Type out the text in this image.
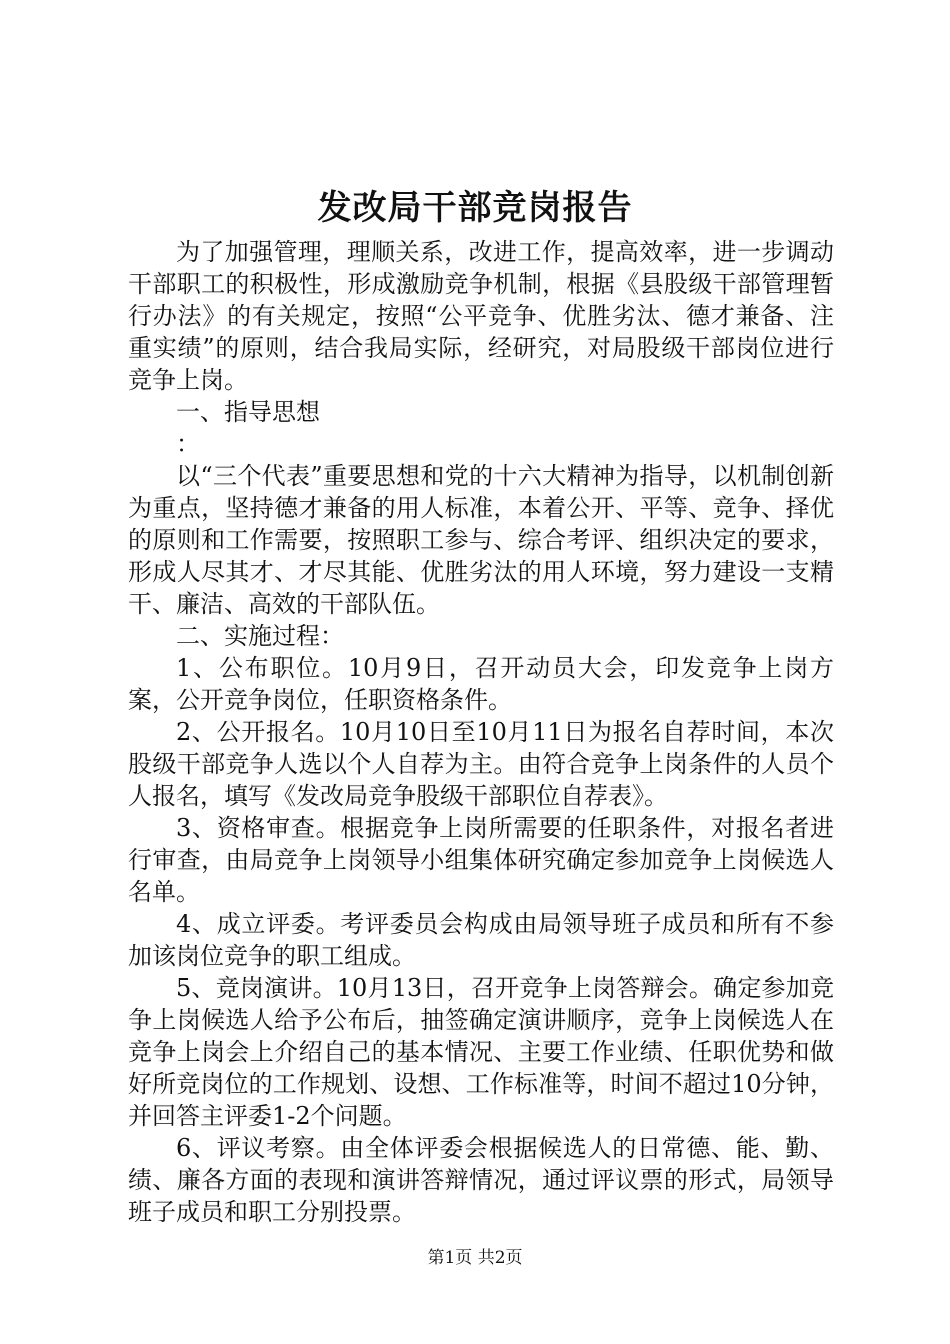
发改局干部竞岗报告

为了加强管理，理顺关系，改进工作，提高效率，进一步调动干部职工的积极性，形成激励竞争机制，根据《县股级干部管理暂行办法》的有关规定，按照“公平竞争、优胜劣汰、德才兼备、注重实绩”的原则，结合我局实际，经研究，对局股级干部岗位进行竞争上岗。

一、指导思想

：

以“三个代表”重要思想和党的十六大精神为指导，以机制创新为重点，坚持德才兼备的用人标准，本着公开、平等、竞争、择优的原则和工作需要，按照职工参与、综合考评、组织决定的要求，形成人尽其才、才尽其能、优胜劣汰的用人环境，努力建设一支精干、廉洁、高效的干部队伍。

二、实施过程：

1、公布职位。10月9日，召开动员大会，印发竞争上岗方案，公开竞争岗位，任职资格条件。

2、公开报名。10月10日至10月11日为报名自荐时间，本次股级干部竞争人选以个人自荐为主。由符合竞争上岗条件的人员个人报名，填写《发改局竞争股级干部职位自荐表》。

3、资格审查。根据竞争上岗所需要的任职条件，对报名者进行审查，由局竞争上岗领导小组集体研究确定参加竞争上岗候选人名单。

4、成立评委。考评委员会构成由局领导班子成员和所有不参加该岗位竞争的职工组成。

5、竞岗演讲。10月13日，召开竞争上岗答辩会。确定参加竞争上岗候选人给予公布后，抽签确定演讲顺序，竞争上岗候选人在竞争上岗会上介绍自己的基本情况、主要工作业绩、任职优势和做好所竞岗位的工作规划、设想、工作标准等，时间不超过10分钟，并回答主评委1-2个问题。

6、评议考察。由全体评委会根据候选人的日常德、能、勤、绩、廉各方面的表现和演讲答辩情况，通过评议票的形式，局领导班子成员和职工分别投票。

第1页 共2页
